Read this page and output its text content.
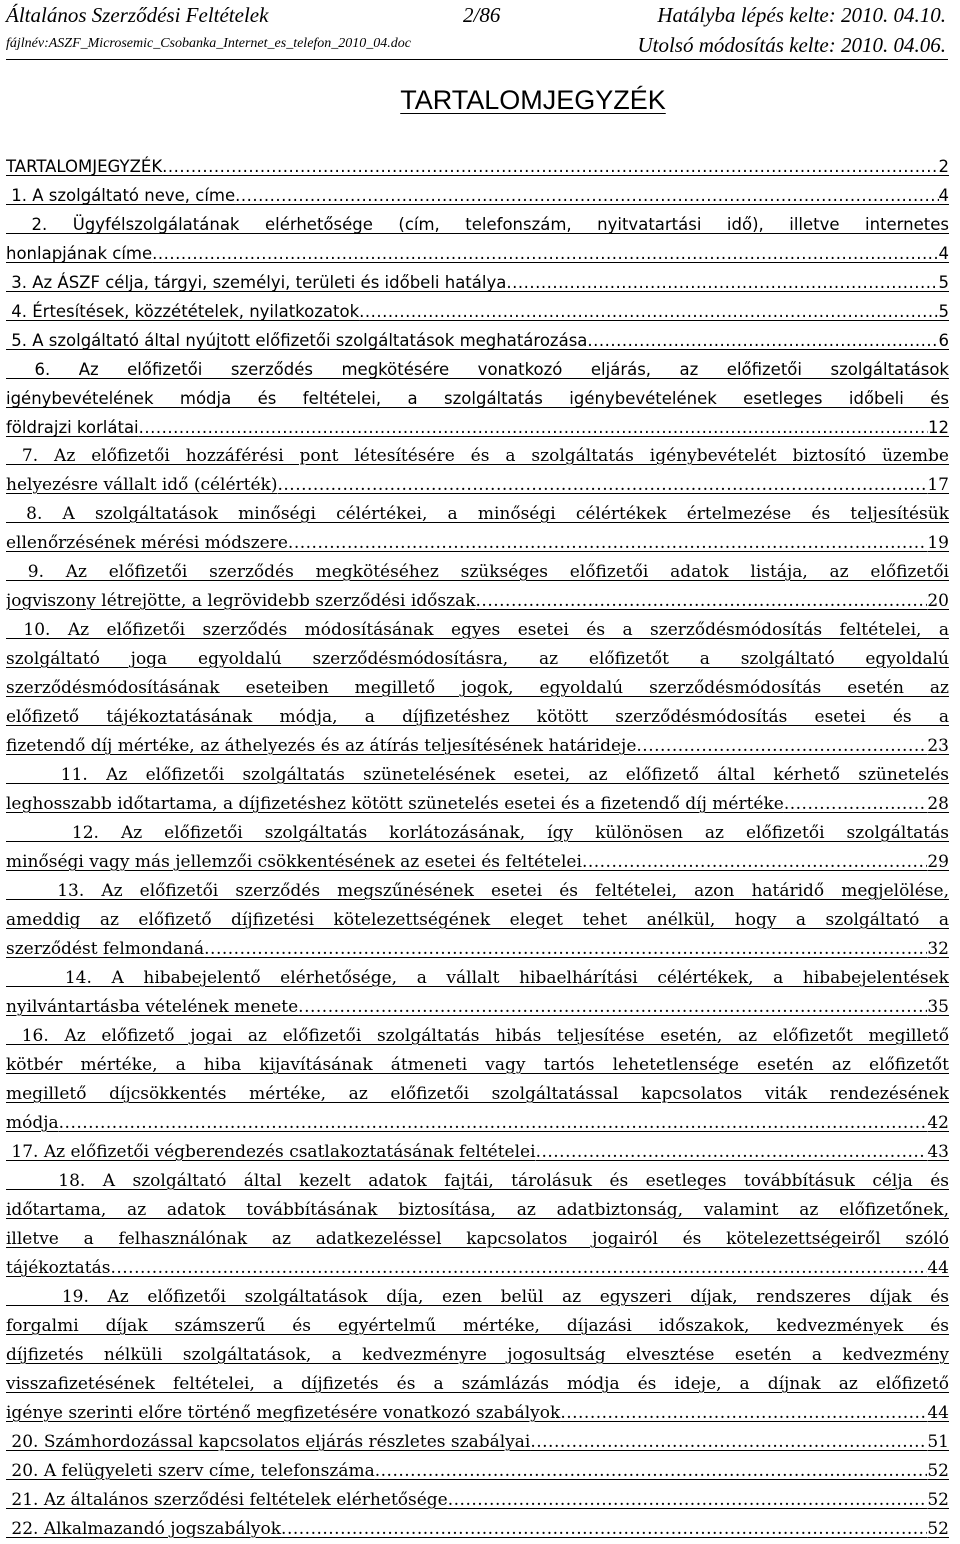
Általános Szerződési Feltételek	2/86	Hatályba lépés kelte: 2010. 04.10.
fájlnév:ASZF_Microsemic_Csobanka_Internet_es_telefon_2010_04.doc	Utolsó módosítás kelte: 2010. 04.06.
TARTALOMJEGYZÉK
TARTALOMJEGYZÉK .....	2
1. A szolgáltató neve, címe .....	4
2. Ügyfélszolgálatának elérhetősége (cím, telefonszám, nyitvatartási idő), illetve internetes
honlapjának címe .....	4
3. Az ÁSZF célja, tárgyi, személyi, területi és időbeli hatálya .....	5
4. Értesítések, közzétételek, nyilatkozatok .....	5
5. A szolgáltató által nyújtott előfizetői szolgáltatások meghatározása .....	6
6. Az előfizetői szerződés megkötésére vonatkozó eljárás, az előfizetői szolgáltatások
igénybevételének módja és feltételei, a szolgáltatás igénybevételének esetleges időbeli és
földrajzi korlátai .....	12
7. Az előfizetői hozzáférési pont létesítésére és a szolgáltatás igénybevételét biztosító üzembe
helyezésre vállalt idő (célérték) .....	17
8. A szolgáltatások minőségi célértékei, a minőségi célértékek értelmezése és teljesítésük
ellenőrzésének mérési módszere .....	19
9. Az előfizetői szerződés megkötéséhez szükséges előfizetői adatok listája, az előfizetői
jogviszony létrejötte, a legrövidebb szerződési időszak .....	20
10. Az előfizetői szerződés módosításának egyes esetei és a szerződésmódosítás feltételei, a
szolgáltató joga egyoldalú szerződésmódosításra, az előfizetőt a szolgáltató egyoldalú
szerződésmódosításának eseteiben megillető jogok, egyoldalú szerződésmódosítás esetén az
előfizető tájékoztatásának módja, a díjfizetéshez kötött szerződésmódosítás esetei és a
fizetendő díj mértéke, az áthelyezés és az átírás teljesítésének határideje .....	23
11. Az előfizetői szolgáltatás szünetelésének esetei, az előfizető által kérhető szünetelés
leghosszabb időtartama, a díjfizetéshez kötött szünetelés esetei és a fizetendő díj mértéke .....	28
12. Az előfizetői szolgáltatás korlátozásának, így különösen az előfizetői szolgáltatás
minőségi vagy más jellemzői csökkentésének az esetei és feltételei .....	29
13. Az előfizetői szerződés megszűnésének esetei és feltételei, azon határidő megjelölése,
ameddig az előfizető díjfizetési kötelezettségének eleget tehet anélkül, hogy a szolgáltató a
szerződést felmondaná .....	32
14. A hibabejelentő elérhetősége, a vállalt hibaelhárítási célértékek, a hibabejelentések
nyilvántartásba vételének menete .....	35
16. Az előfizető jogai az előfizetői szolgáltatás hibás teljesítése esetén, az előfizetőt megillető
kötbér mértéke, a hiba kijavításának átmeneti vagy tartós lehetetlensége esetén az előfizetőt
megillető díjcsökkentés mértéke, az előfizetői szolgáltatással kapcsolatos viták rendezésének
módja .....	42
17. Az előfizetői végberendezés csatlakoztatásának feltételei .....	43
18. A szolgáltató által kezelt adatok fajtái, tárolásuk és esetleges továbbításuk célja és
időtartama, az adatok továbbításának biztosítása, az adatbiztonság, valamint az előfizetőnek,
illetve a felhasználónak az adatkezeléssel kapcsolatos jogairól és kötelezettségeiről szóló
tájékoztatás .....	44
19. Az előfizetői szolgáltatások díja, ezen belül az egyszeri díjak, rendszeres díjak és
forgalmi díjak számszerű és egyértelmű mértéke, díjazási időszakok, kedvezmények és
díjfizetés nélküli szolgáltatások, a kedvezményre jogosultság elvesztése esetén a kedvezmény
visszafizetésének feltételei, a díjfizetés és a számlázás módja és ideje, a díjnak az előfizető
igénye szerinti előre történő megfizetésére vonatkozó szabályok .....	44
20. Számhordozással kapcsolatos eljárás részletes szabályai .....	51
20. A felügyeleti szerv címe, telefonszáma .....	52
21. Az általános szerződési feltételek elérhetősége .....	52
22. Alkalmazandó jogszabályok .....	52
